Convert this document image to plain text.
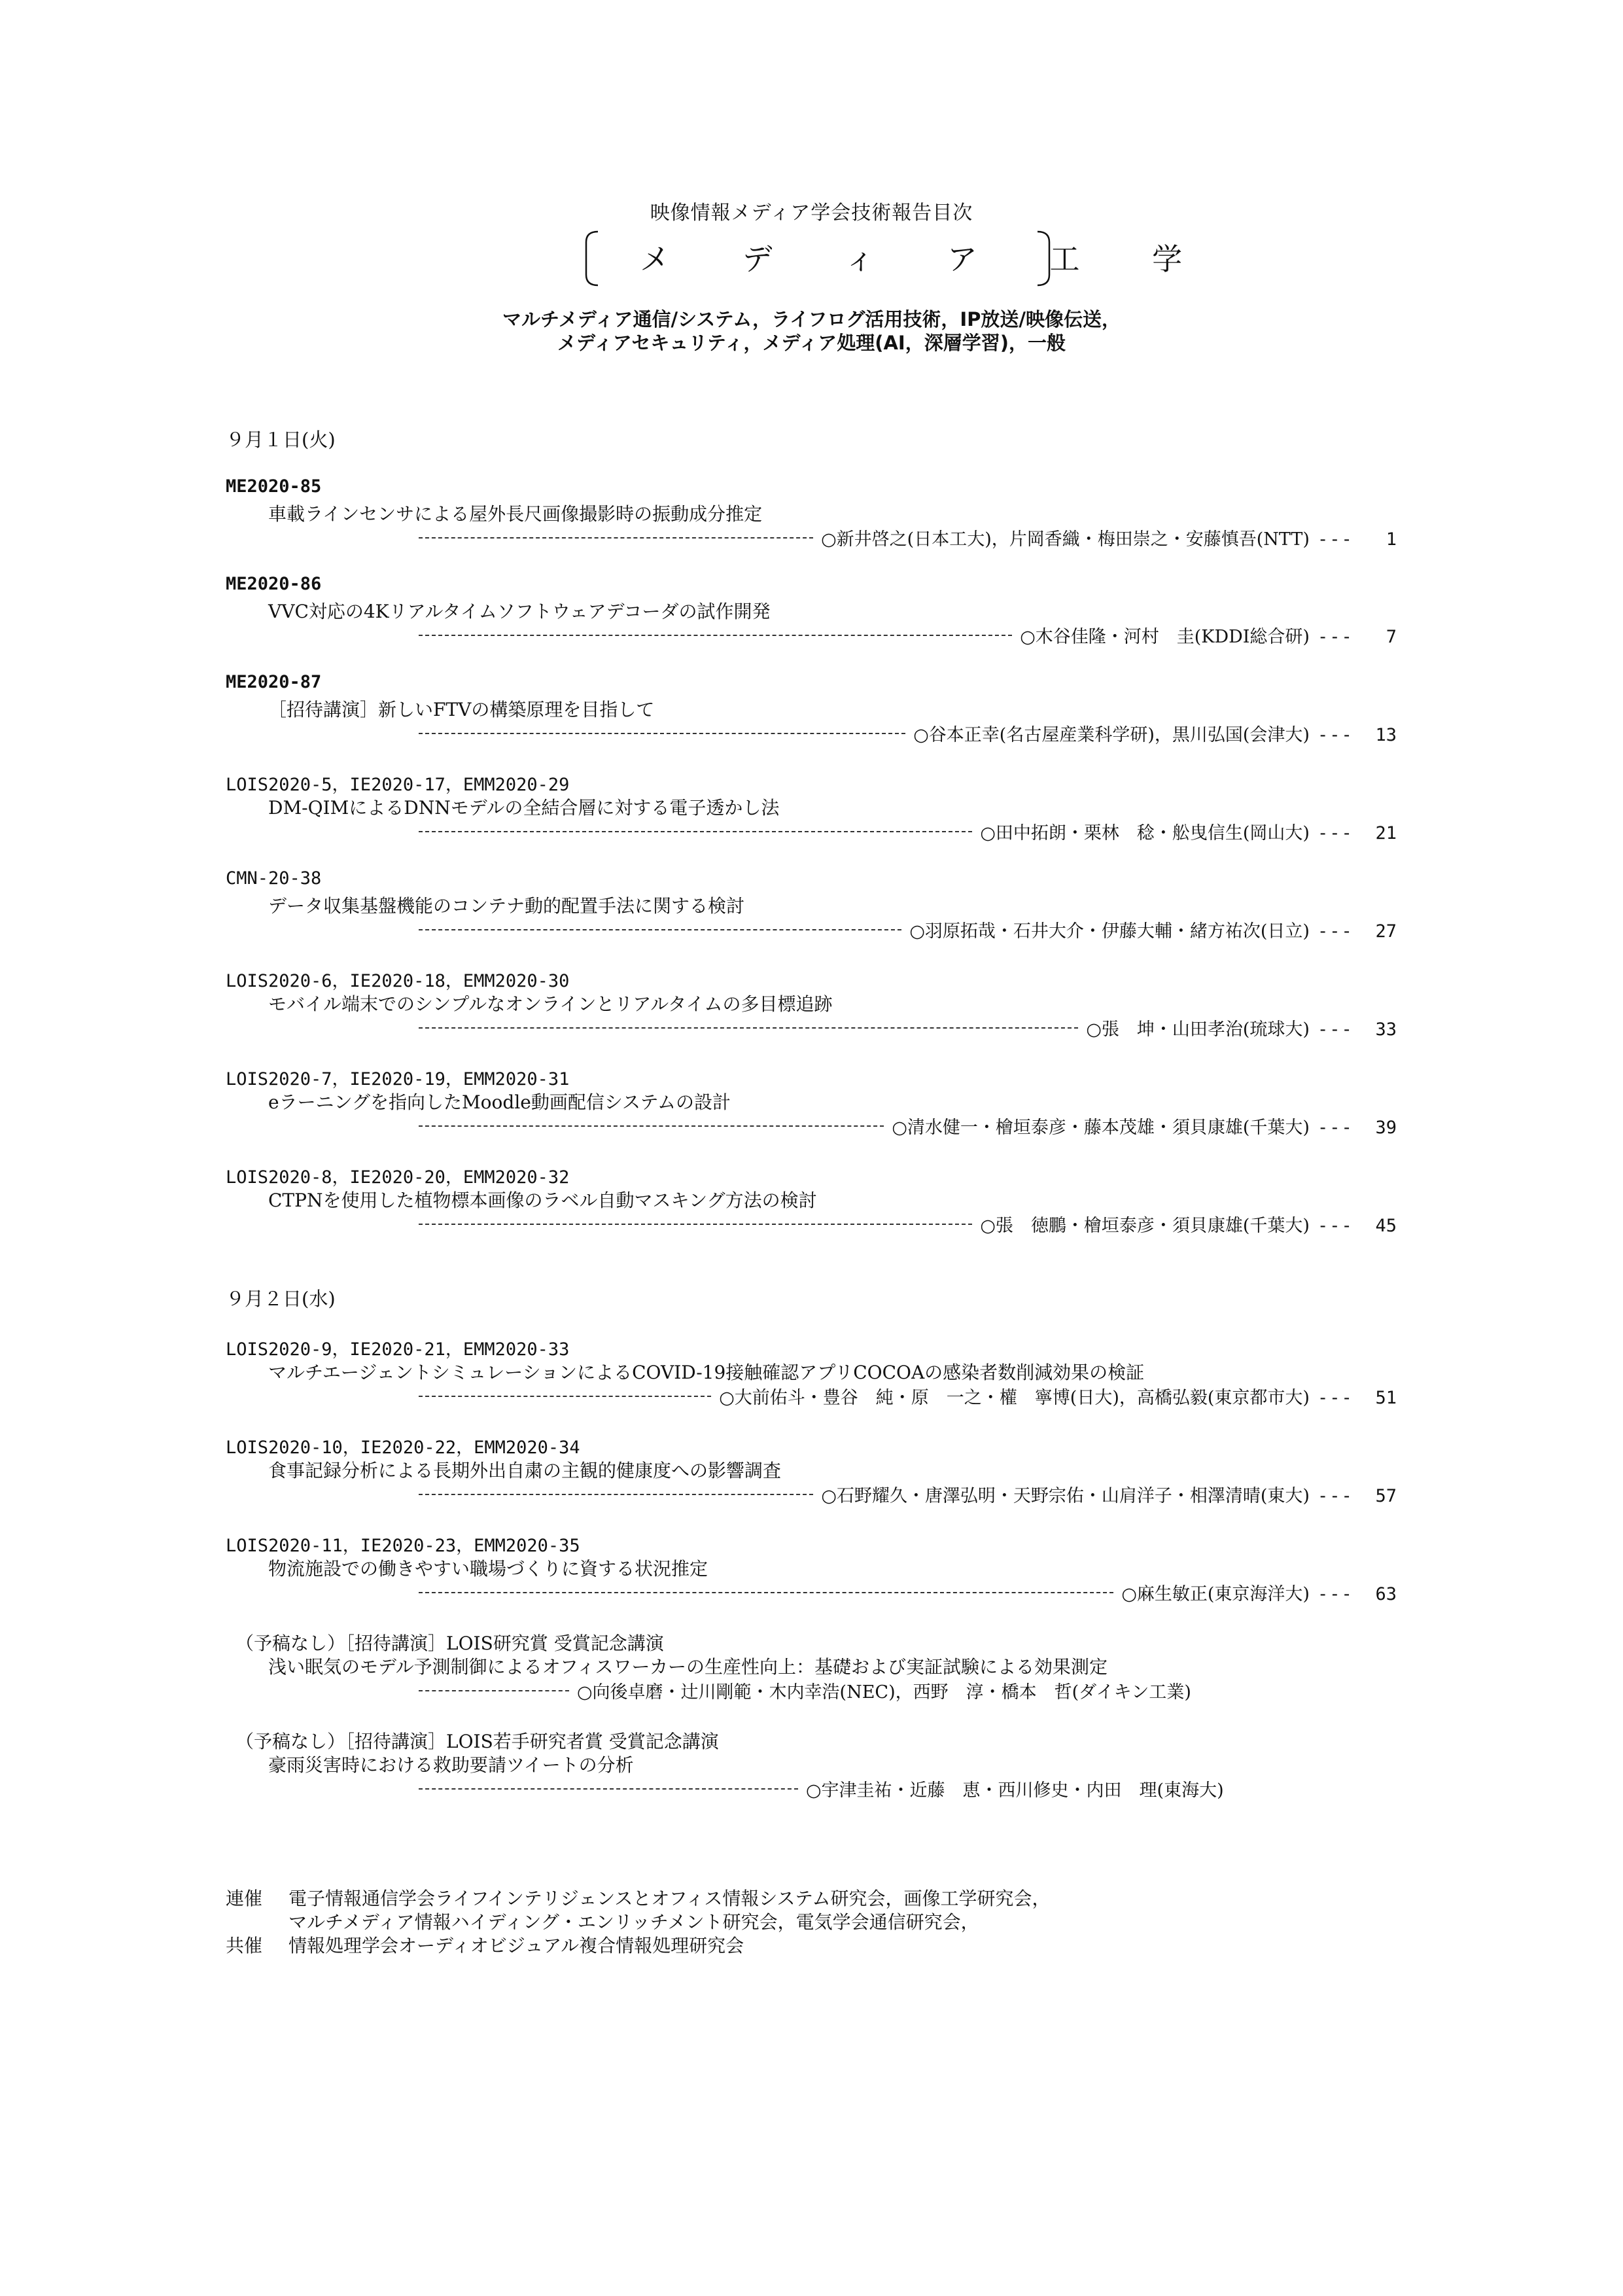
映像情報メディア学会技術報告目次
メ デ ィ ア 工 学
マルチメディア通信/システム，ライフログ活用技術，IP放送/映像伝送，
メディアセキュリティ，メディア処理(AI，深層学習)，一般
９月１日(火)
ME2020-85
車載ラインセンサによる屋外長尺画像撮影時の振動成分推定
○新井啓之(日本工大)，片岡香織・梅田崇之・安藤慎吾(NTT) --- 1
ME2020-86
VVC対応の4Kリアルタイムソフトウェアデコーダの試作開発
○木谷佳隆・河村　圭(KDDI総合研) --- 7
ME2020-87
［招待講演］新しいFTVの構築原理を目指して
○谷本正幸(名古屋産業科学研)，黒川弘国(会津大) --- 13
LOIS2020-5，IE2020-17，EMM2020-29
DM-QIMによるDNNモデルの全結合層に対する電子透かし法
○田中拓朗・栗林　稔・舩曳信生(岡山大) --- 21
CMN-20-38
データ収集基盤機能のコンテナ動的配置手法に関する検討
○羽原拓哉・石井大介・伊藤大輔・緒方祐次(日立) --- 27
LOIS2020-6，IE2020-18，EMM2020-30
モバイル端末でのシンプルなオンラインとリアルタイムの多目標追跡
○張　坤・山田孝治(琉球大) --- 33
LOIS2020-7，IE2020-19，EMM2020-31
eラーニングを指向したMoodle動画配信システムの設計
○清水健一・檜垣泰彦・藤本茂雄・須貝康雄(千葉大) --- 39
LOIS2020-8，IE2020-20，EMM2020-32
CTPNを使用した植物標本画像のラベル自動マスキング方法の検討
○張　徳鵬・檜垣泰彦・須貝康雄(千葉大) --- 45
９月２日(水)
LOIS2020-9，IE2020-21，EMM2020-33
マルチエージェントシミュレーションによるCOVID-19接触確認アプリCOCOAの感染者数削減効果の検証
○大前佑斗・豊谷　純・原　一之・權　寧博(日大)，高橋弘毅(東京都市大) --- 51
LOIS2020-10，IE2020-22，EMM2020-34
食事記録分析による長期外出自粛の主観的健康度への影響調査
○石野耀久・唐澤弘明・天野宗佑・山肩洋子・相澤清晴(東大) --- 57
LOIS2020-11，IE2020-23，EMM2020-35
物流施設での働きやすい職場づくりに資する状況推定
○麻生敏正(東京海洋大) --- 63
（予稿なし）［招待講演］LOIS研究賞 受賞記念講演
浅い眠気のモデル予測制御によるオフィスワーカーの生産性向上：基礎および実証試験による効果測定
○向後卓磨・辻川剛範・木内幸浩(NEC)，西野　淳・橋本　哲(ダイキン工業)
（予稿なし）［招待講演］LOIS若手研究者賞 受賞記念講演
豪雨災害時における救助要請ツイートの分析
○宇津圭祐・近藤　恵・西川修史・内田　理(東海大)
連催 電子情報通信学会ライフインテリジェンスとオフィス情報システム研究会，画像工学研究会，
マルチメディア情報ハイディング・エンリッチメント研究会，電気学会通信研究会，
共催 情報処理学会オーディオビジュアル複合情報処理研究会
